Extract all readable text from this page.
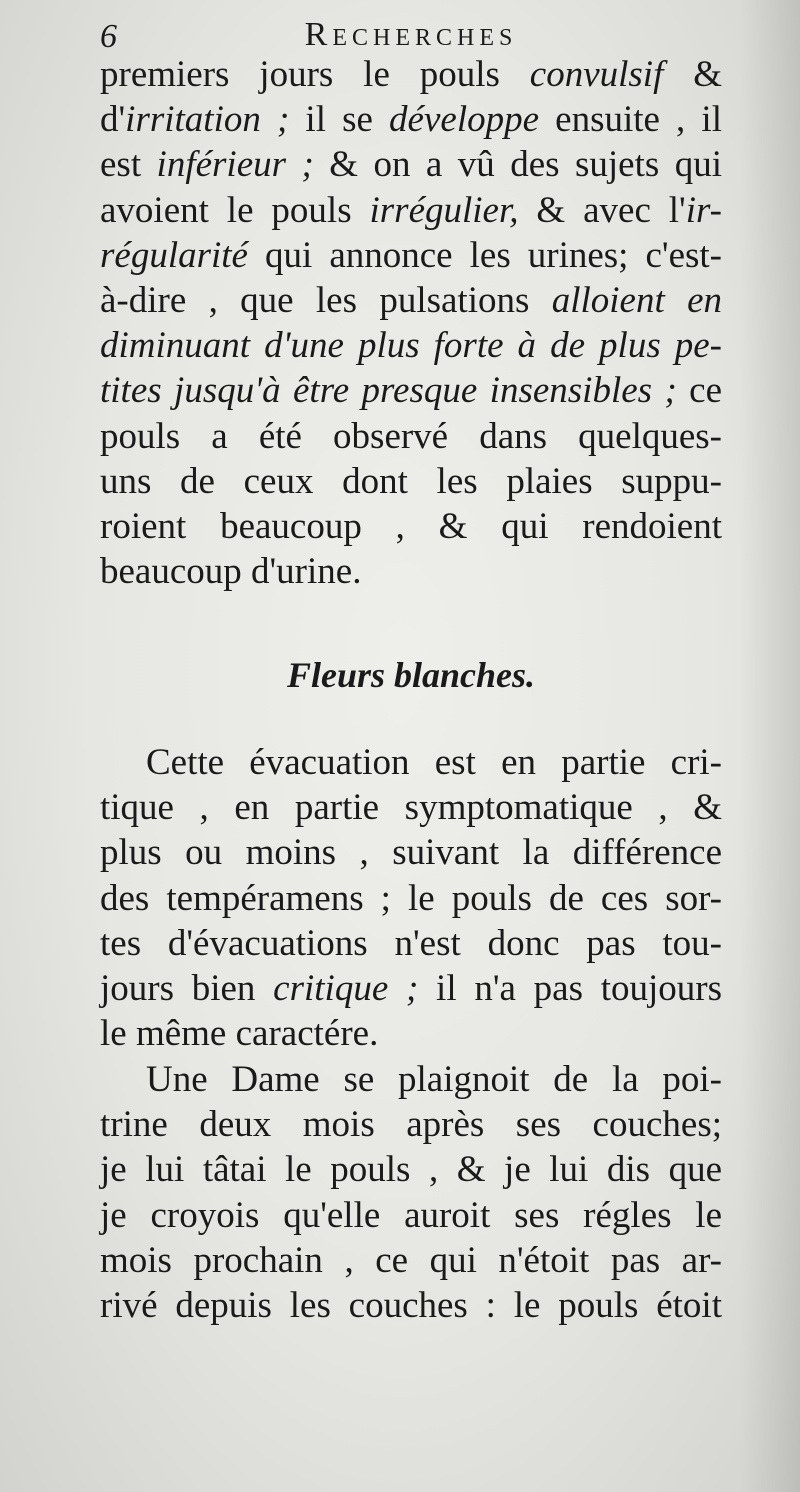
6	Recherches
premiers jours le pouls convulsif &
d'irritation ; il se développe ensuite , il
est inférieur ; & on a vû des sujets qui
avoient le pouls irrégulier, & avec l'ir-
régularité qui annonce les urines; c'est-
à-dire , que les pulsations alloient en
diminuant d'une plus forte à de plus pe-
tites jusqu'à être presque insensibles ; ce
pouls a été observé dans quelques-
uns de ceux dont les plaies suppu-
roient beaucoup , & qui rendoient
beaucoup d'urine.
Fleurs blanches.
Cette évacuation est en partie cri-
tique , en partie symptomatique , &
plus ou moins , suivant la différence
des tempéramens ; le pouls de ces sor-
tes d'évacuations n'est donc pas tou-
jours bien critique ; il n'a pas toujours
le même caractére.
Une Dame se plaignoit de la poi-
trine deux mois après ses couches;
je lui tâtai le pouls , & je lui dis que
je croyois qu'elle auroit ses régles le
mois prochain , ce qui n'étoit pas ar-
rivé depuis les couches : le pouls étoit
